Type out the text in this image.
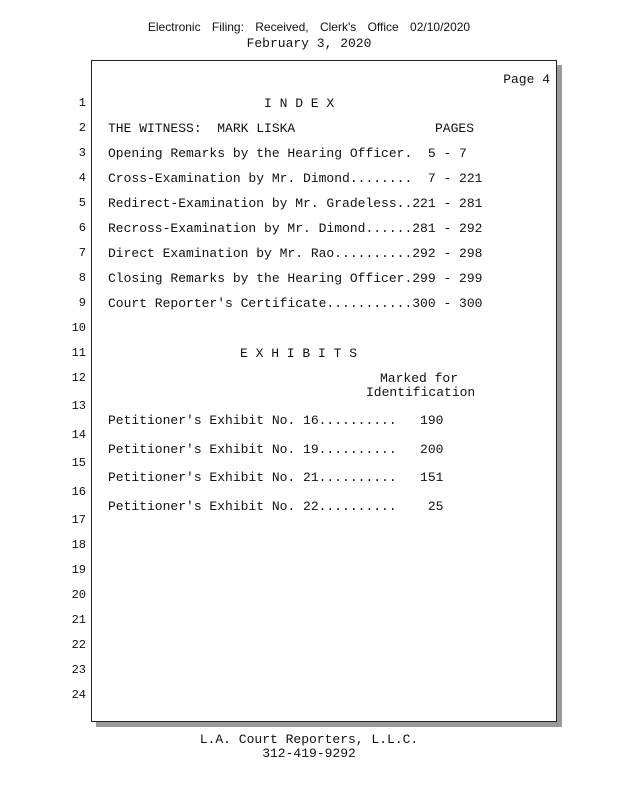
Electronic Filing: Received, Clerk's Office 02/10/2020
February 3, 2020
Page 4
I N D E X
THE WITNESS:  MARK LISKA	PAGES
Opening Remarks by the Hearing Officer.  5 - 7
Cross-Examination by Mr. Dimond........  7 - 221
Redirect-Examination by Mr. Gradeless..221 - 281
Recross-Examination by Mr. Dimond......281 - 292
Direct Examination by Mr. Rao..........292 - 298
Closing Remarks by the Hearing Officer.299 - 299
Court Reporter's Certificate...........300 - 300
E X H I B I T S
Marked for
Identification
Petitioner's Exhibit No. 16..........   190
Petitioner's Exhibit No. 19..........   200
Petitioner's Exhibit No. 21..........   151
Petitioner's Exhibit No. 22..........    25
1
2
3
4
5
6
7
8
9
10
11
12
13
14
15
16
17
18
19
20
21
22
23
24
L.A. Court Reporters, L.L.C.
312-419-9292
